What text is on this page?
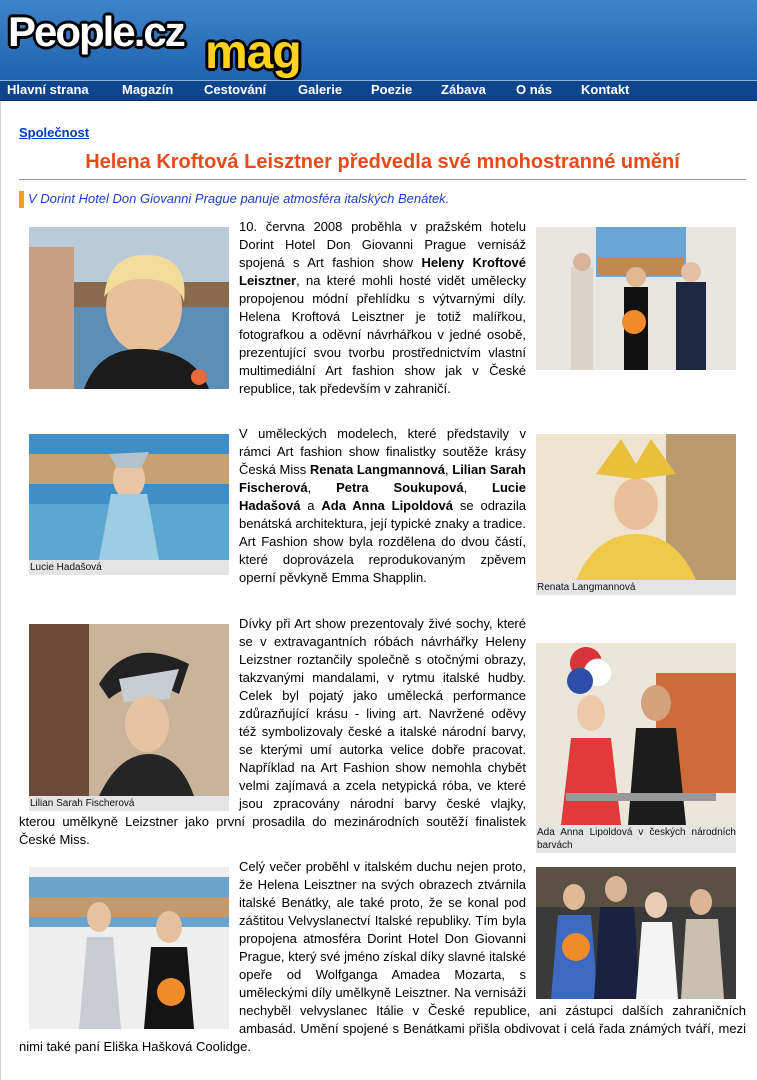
People.cz mag
Hlavní strana	Magazín Cestování Galerie Poezie Zábava O nás Kontakt
Společnost
Helena Kroftová Leisztner předvedla své mnohostranné umění
V Dorint Hotel Don Giovanni Prague panuje atmosféra italských Benátek.
10. června 2008 proběhla v pražském hotelu Dorint Hotel Don Giovanni Prague vernisáž spojená s Art fashion show Heleny Kroftové Leisztner, na které mohli hosté vidět umělecky propojenou módní přehlídku s výtvarnými díly. Helena Kroftová Leisztner je totiž malířkou, fotografkou a oděvní návrhářkou v jedné osobě, prezentující svou tvorbu prostřednictvím vlastní multimediální Art fashion show jak v České republice, tak především v zahraničí.
Lucie Hadašová
Renata Langmannová
V uměleckých modelech, které představily v rámci Art fashion show finalistky soutěže krásy Česká Miss Renata Langmannová, Lilian Sarah Fischerová, Petra Soukupová, Lucie Hadašová a Ada Anna Lipoldová se odrazila benátská architektura, její typické znaky a tradice. Art Fashion show byla rozdělena do dvou částí, které doprovázela reprodukovaným zpěvem operní pěvkyně Emma Shapplin.
Lilian Sarah Fischerová
Ada Anna Lipoldová v českých národních barvách
Dívky při Art show prezentovaly živé sochy, které se v extravagantních róbách návrhářky Heleny Leizstner roztančily společně s otočnými obrazy, takzvanými mandalami, v rytmu italské hudby. Celek byl pojatý jako umělecká performance zdůrazňující krásu - living art. Navržené oděvy též symbolizovaly české a italské národní barvy, se kterými umí autorka velice dobře pracovat. Například na Art Fashion show nemohla chybět velmi zajímavá a zcela netypická róba, ve které jsou zpracovány národní barvy české vlajky, kterou umělkyně Leizstner jako první prosadila do mezinárodních soutěží finalistek České Miss.
Celý večer proběhl v italském duchu nejen proto, že Helena Leisztner na svých obrazech ztvárnila italské Benátky, ale také proto, že se konal pod záštitou Velvyslanectví Italské republiky. Tím byla propojena atmosféra Dorint Hotel Don Giovanni Prague, který své jméno získal díky slavné italské opeře od Wolfganga Amadea Mozarta, s uměleckými díly umělkyně Leisztner. Na vernisáži nechyběl velvyslanec Itálie v České republice, ani zástupci dalších zahraničních ambasád. Umění spojené s Benátkami přišla obdivovat i celá řada známých tváří, mezi nimi také paní Eliška Hašková Coolidge.
